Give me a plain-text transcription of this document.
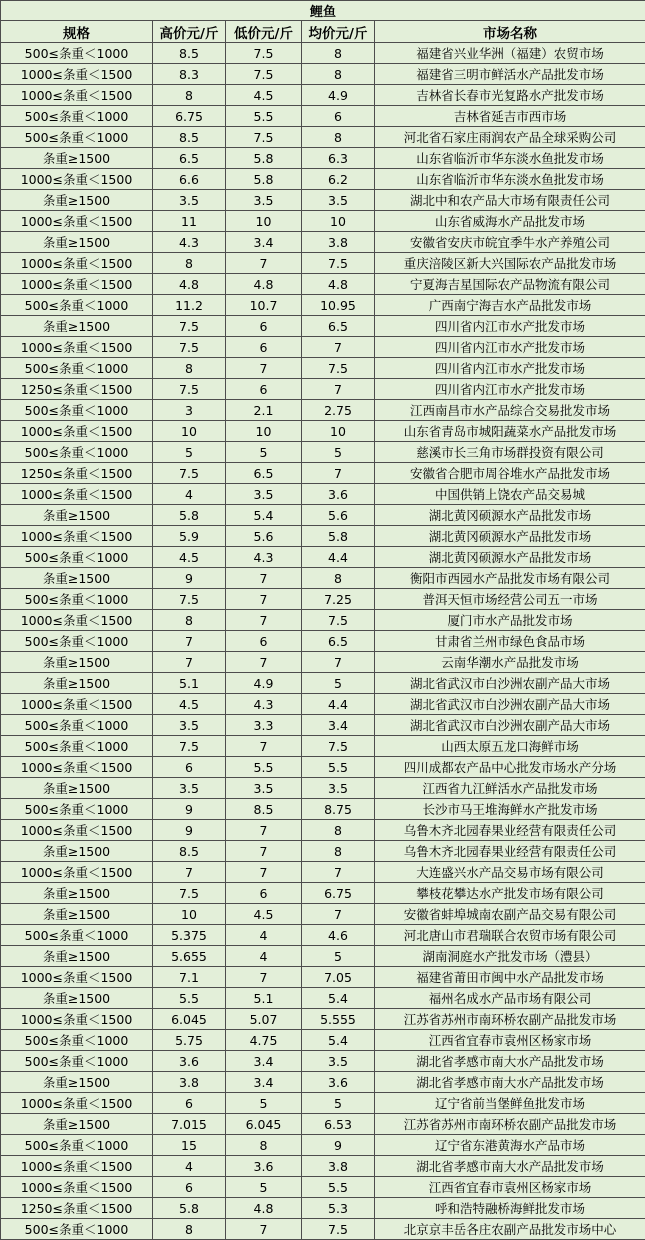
鲤鱼				
规格	高价元/斤	低价元/斤	均价元/斤	市场名称
500≤条重＜1000	8.5	7.5	8	福建省兴业华洲（福建）农贸市场
1000≤条重＜1500	8.3	7.5	8	福建省三明市鲜活水产品批发市场
1000≤条重＜1500	8	4.5	4.9	吉林省长春市光复路水产批发市场
500≤条重＜1000	6.75	5.5	6	吉林省延吉市西市场
500≤条重＜1000	8.5	7.5	8	河北省石家庄雨润农产品全球采购公司
条重≥1500	6.5	5.8	6.3	山东省临沂市华东淡水鱼批发市场
1000≤条重＜1500	6.6	5.8	6.2	山东省临沂市华东淡水鱼批发市场
条重≥1500	3.5	3.5	3.5	湖北中和农产品大市场有限责任公司
1000≤条重＜1500	11	10	10	山东省威海水产品批发市场
条重≥1500	4.3	3.4	3.8	安徽省安庆市皖宜季牛水产养殖公司
1000≤条重＜1500	8	7	7.5	重庆涪陵区新大兴国际农产品批发市场
1000≤条重＜1500	4.8	4.8	4.8	宁夏海吉星国际农产品物流有限公司
500≤条重＜1000	11.2	10.7	10.95	广西南宁海吉水产品批发市场
条重≥1500	7.5	6	6.5	四川省内江市水产批发市场
1000≤条重＜1500	7.5	6	7	四川省内江市水产批发市场
500≤条重＜1000	8	7	7.5	四川省内江市水产批发市场
1250≤条重＜1500	7.5	6	7	四川省内江市水产批发市场
500≤条重＜1000	3	2.1	2.75	江西南昌市水产品综合交易批发市场
1000≤条重＜1500	10	10	10	山东省青岛市城阳蔬菜水产品批发市场
500≤条重＜1000	5	5	5	慈溪市长三角市场群投资有限公司
1250≤条重＜1500	7.5	6.5	7	安徽省合肥市周谷堆水产品批发市场
1000≤条重＜1500	4	3.5	3.6	中国供销上饶农产品交易城
条重≥1500	5.8	5.4	5.6	湖北黄冈硕源水产品批发市场
1000≤条重＜1500	5.9	5.6	5.8	湖北黄冈硕源水产品批发市场
500≤条重＜1000	4.5	4.3	4.4	湖北黄冈硕源水产品批发市场
条重≥1500	9	7	8	衡阳市西园水产品批发市场有限公司
500≤条重＜1000	7.5	7	7.25	普洱天恒市场经营公司五一市场
1000≤条重＜1500	8	7	7.5	厦门市水产品批发市场
500≤条重＜1000	7	6	6.5	甘肃省兰州市绿色食品市场
条重≥1500	7	7	7	云南华潮水产品批发市场
条重≥1500	5.1	4.9	5	湖北省武汉市白沙洲农副产品大市场
1000≤条重＜1500	4.5	4.3	4.4	湖北省武汉市白沙洲农副产品大市场
500≤条重＜1000	3.5	3.3	3.4	湖北省武汉市白沙洲农副产品大市场
500≤条重＜1000	7.5	7	7.5	山西太原五龙口海鲜市场
1000≤条重＜1500	6	5.5	5.5	四川成都农产品中心批发市场水产分场
条重≥1500	3.5	3.5	3.5	江西省九江鲜活水产品批发市场
500≤条重＜1000	9	8.5	8.75	长沙市马王堆海鲜水产批发市场
1000≤条重＜1500	9	7	8	乌鲁木齐北园春果业经营有限责任公司
条重≥1500	8.5	7	8	乌鲁木齐北园春果业经营有限责任公司
1000≤条重＜1500	7	7	7	大连盛兴水产品交易市场有限公司
条重≥1500	7.5	6	6.75	攀枝花攀达水产批发市场有限公司
条重≥1500	10	4.5	7	安徽省蚌埠城南农副产品交易有限公司
500≤条重＜1000	5.375	4	4.6	河北唐山市君瑞联合农贸市场有限公司
条重≥1500	5.655	4	5	湖南洞庭水产批发市场（澧县）
1000≤条重＜1500	7.1	7	7.05	福建省莆田市闽中水产品批发市场
条重≥1500	5.5	5.1	5.4	福州名成水产品市场有限公司
1000≤条重＜1500	6.045	5.07	5.555	江苏省苏州市南环桥农副产品批发市场
500≤条重＜1000	5.75	4.75	5.4	江西省宜春市袁州区杨家市场
500≤条重＜1000	3.6	3.4	3.5	湖北省孝感市南大水产品批发市场
条重≥1500	3.8	3.4	3.6	湖北省孝感市南大水产品批发市场
1000≤条重＜1500	6	5	5	辽宁省前当堡鲜鱼批发市场
条重≥1500	7.015	6.045	6.53	江苏省苏州市南环桥农副产品批发市场
500≤条重＜1000	15	8	9	辽宁省东港黄海水产品市场
1000≤条重＜1500	4	3.6	3.8	湖北省孝感市南大水产品批发市场
1000≤条重＜1500	6	5	5.5	江西省宜春市袁州区杨家市场
1250≤条重＜1500	5.8	4.8	5.3	呼和浩特融桥海鲜批发市场
500≤条重＜1000	8	7	7.5	北京京丰岳各庄农副产品批发市场中心
